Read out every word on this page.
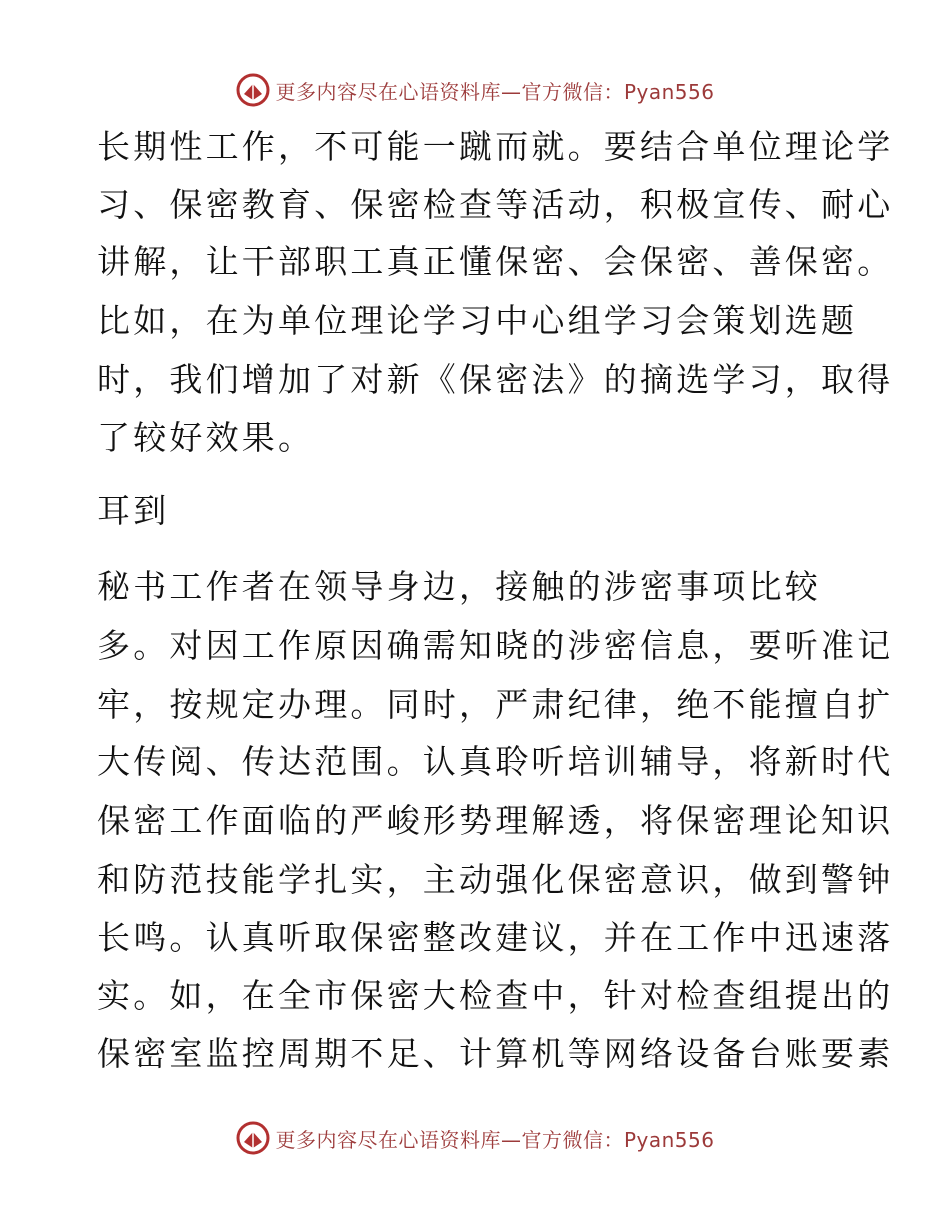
更多内容尽在心语资料库—官方微信：Pyan556
长期性工作，不可能一蹴而就。要结合单位理论学
习、保密教育、保密检查等活动，积极宣传、耐心
讲解，让干部职工真正懂保密、会保密、善保密。
比如，在为单位理论学习中心组学习会策划选题
时，我们增加了对新《保密法》的摘选学习，取得
了较好效果。
耳到
秘书工作者在领导身边，接触的涉密事项比较
多。对因工作原因确需知晓的涉密信息，要听准记
牢，按规定办理。同时，严肃纪律，绝不能擅自扩
大传阅、传达范围。认真聆听培训辅导，将新时代
保密工作面临的严峻形势理解透，将保密理论知识
和防范技能学扎实，主动强化保密意识，做到警钟
长鸣。认真听取保密整改建议，并在工作中迅速落
实。如，在全市保密大检查中，针对检查组提出的
保密室监控周期不足、计算机等网络设备台账要素
更多内容尽在心语资料库—官方微信：Pyan556
